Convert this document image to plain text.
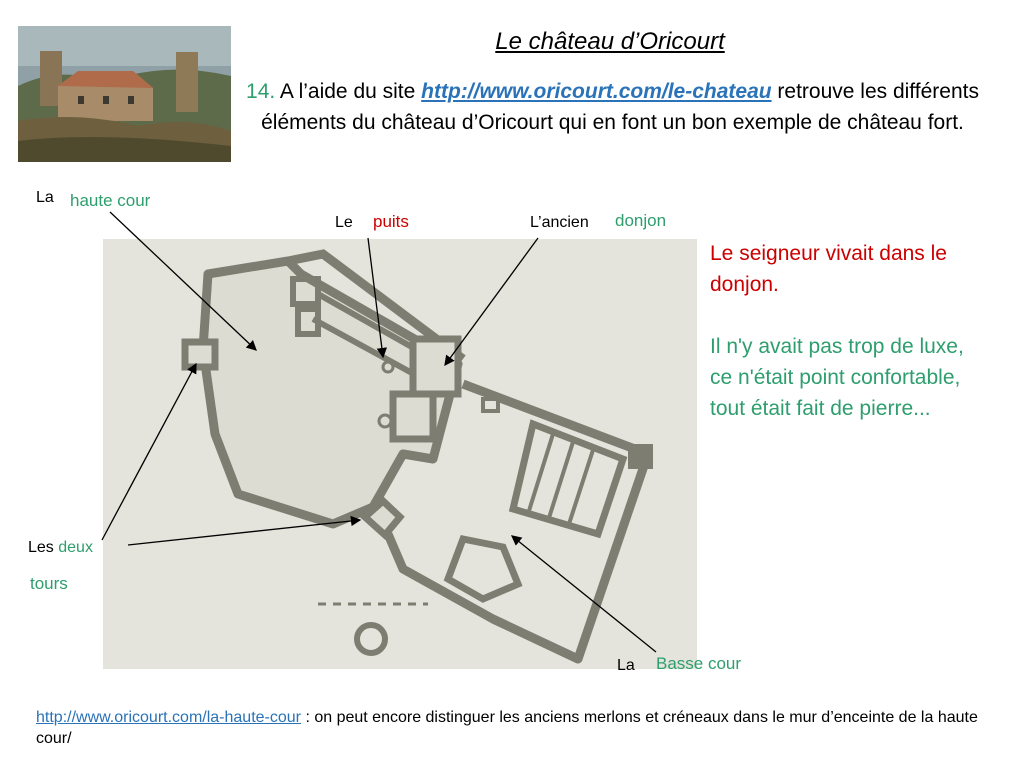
Le château d’Oricourt
14. A l’aide du site http://www.oricourt.com/le-chateau retrouve les différents éléments du château d’Oricourt qui en font un bon exemple de château fort.
La haute cour
Le puits	L’ancien donjon
Les deux
tours
La Basse cour
Le seigneur vivait dans le donjon.
Il n'y avait pas trop de luxe, ce n'était point confortable, tout était fait de pierre...
http://www.oricourt.com/la-haute-cour : on peut encore distinguer les anciens merlons et créneaux dans le mur d’enceinte de la haute cour/
